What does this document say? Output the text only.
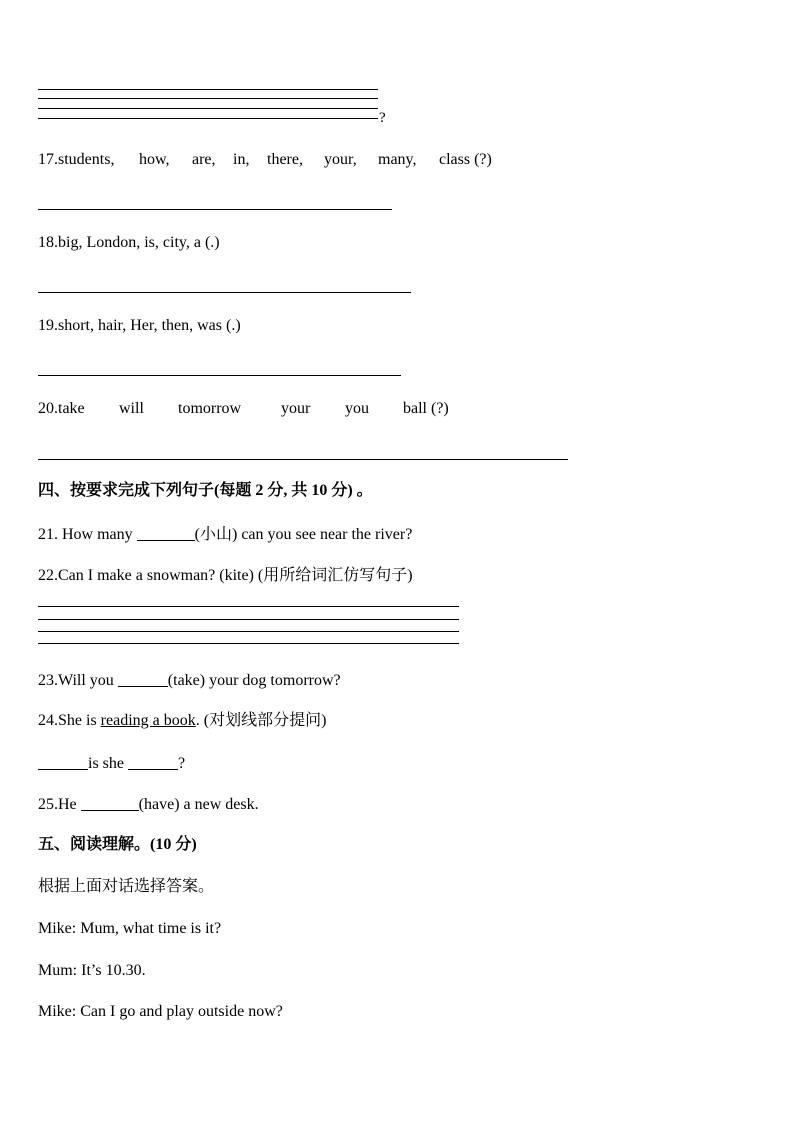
?
17.students, how, are, in, there, your, many, class (?)
18.big, London, is, city, a (.)
19.short, hair, Her, then, was (.)
20.take will tomorrow your you ball (?)
四、按要求完成下列句子(每题 2 分, 共 10 分) 。
21. How many	(小山) can you see near the river?
22.Can I make a snowman? (kite) (用所给词汇仿写句子)
23.Will you	(take) your dog tomorrow?
24.She is reading a book. (对划线部分提问)
is she	?
25.He	(have) a new desk.
五、阅读理解。(10 分)
根据上面对话选择答案。
Mike: Mum, what time is it?
Mum: It’s 10.30.
Mike: Can I go and play outside now?
